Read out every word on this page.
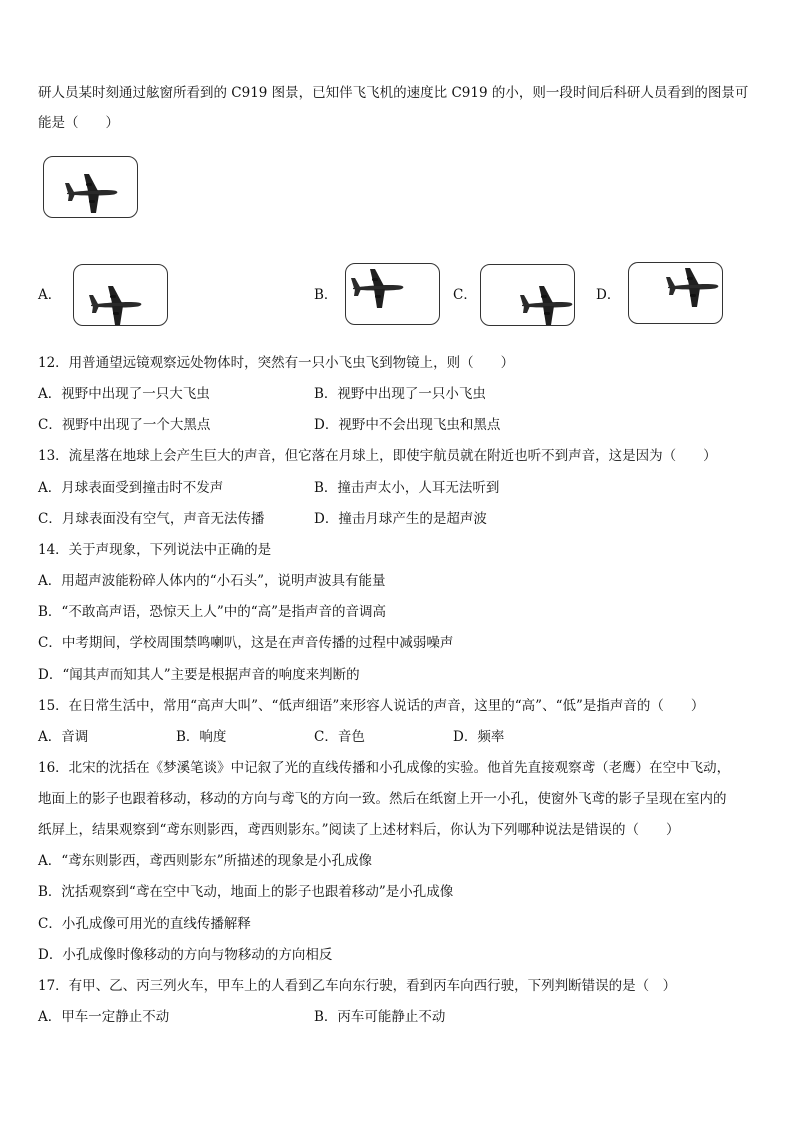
研人员某时刻通过舷窗所看到的 C919 图景，已知伴飞飞机的速度比 C919 的小，则一段时间后科研人员看到的图景可
能是（　　）
A．	B．	C．	D．
12．用普通望远镜观察远处物体时，突然有一只小飞虫飞到物镜上，则（　　）
A．视野中出现了一只大飞虫	B．视野中出现了一只小飞虫
C．视野中出现了一个大黑点	D．视野中不会出现飞虫和黑点
13．流星落在地球上会产生巨大的声音，但它落在月球上，即使宇航员就在附近也听不到声音，这是因为（　　）
A．月球表面受到撞击时不发声	B．撞击声太小，人耳无法听到
C．月球表面没有空气，声音无法传播	D．撞击月球产生的是超声波
14．关于声现象，下列说法中正确的是
A．用超声波能粉碎人体内的“小石头”，说明声波具有能量
B．“不敢高声语，恐惊天上人”中的“高”是指声音的音调高
C．中考期间，学校周围禁鸣喇叭，这是在声音传播的过程中减弱噪声
D．“闻其声而知其人”主要是根据声音的响度来判断的
15．在日常生活中，常用“高声大叫”、“低声细语”来形容人说话的声音，这里的“高”、“低”是指声音的（　　）
A．音调	B．响度	C．音色	D．频率
16．北宋的沈括在《梦溪笔谈》中记叙了光的直线传播和小孔成像的实验。他首先直接观察鸢（老鹰）在空中飞动，
地面上的影子也跟着移动，移动的方向与鸢飞的方向一致。然后在纸窗上开一小孔，使窗外飞鸢的影子呈现在室内的
纸屏上，结果观察到“鸢东则影西，鸢西则影东。”阅读了上述材料后，你认为下列哪种说法是错误的（　　）
A．“鸢东则影西，鸢西则影东”所描述的现象是小孔成像
B．沈括观察到“鸢在空中飞动，地面上的影子也跟着移动”是小孔成像
C．小孔成像可用光的直线传播解释
D．小孔成像时像移动的方向与物移动的方向相反
17．有甲、乙、丙三列火车，甲车上的人看到乙车向东行驶，看到丙车向西行驶，下列判断错误的是（　）
A．甲车一定静止不动	B．丙车可能静止不动
